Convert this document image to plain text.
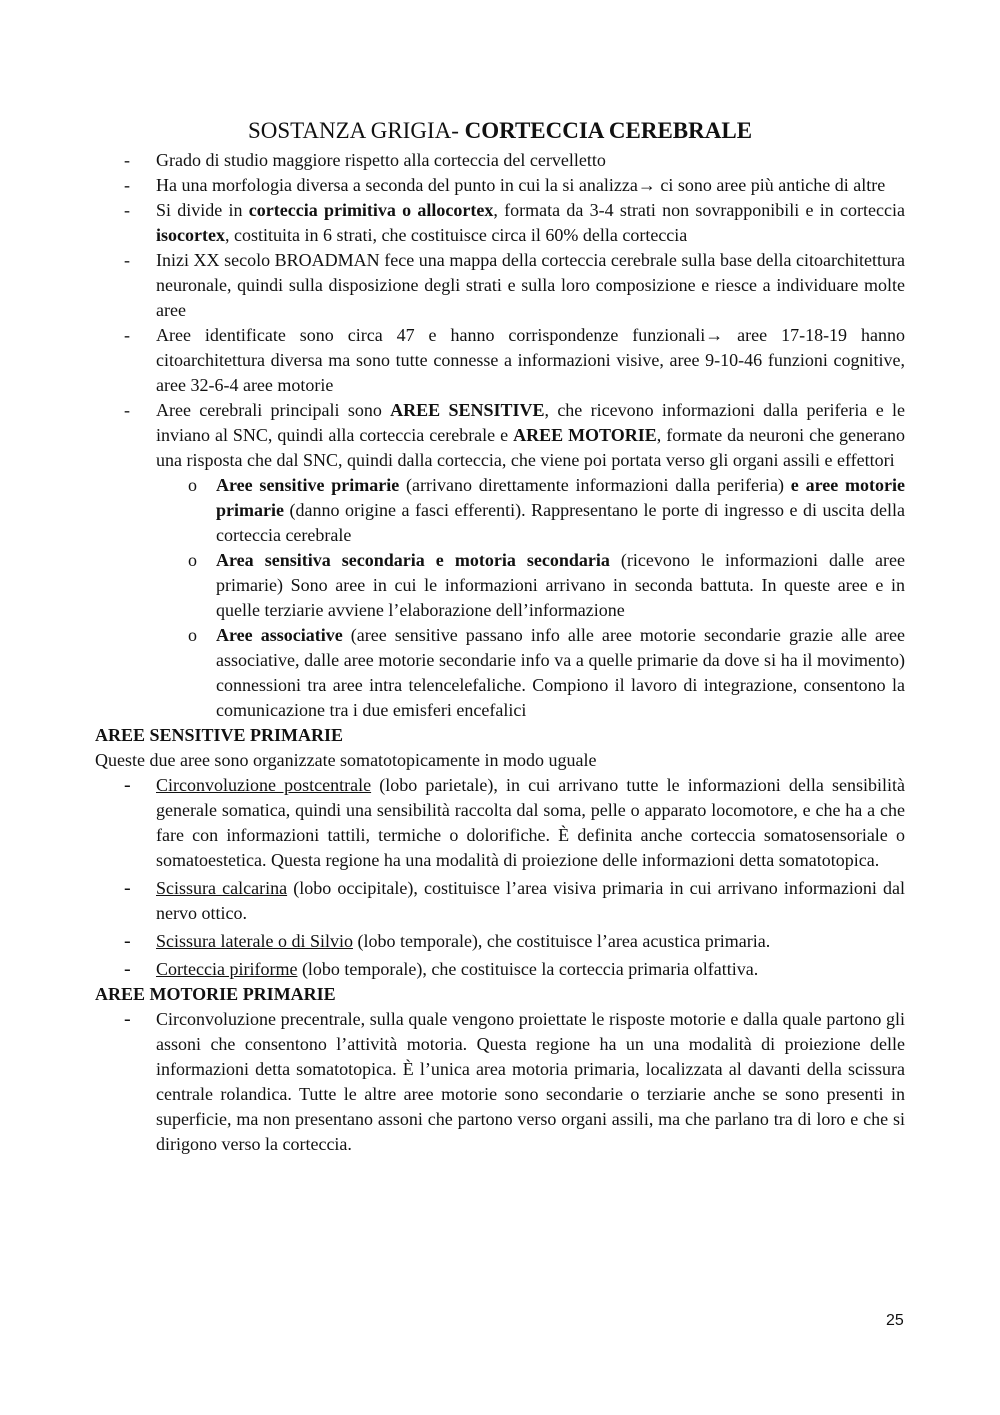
SOSTANZA GRIGIA- CORTECCIA CEREBRALE
- Grado di studio maggiore rispetto alla corteccia del cervelletto
- Ha una morfologia diversa a seconda del punto in cui la si analizza→ ci sono aree più antiche di altre
- Si divide in corteccia primitiva o allocortex, formata da 3-4 strati non sovrapponibili e in corteccia isocortex, costituita in 6 strati, che costituisce circa il 60% della corteccia
- Inizi XX secolo BROADMAN fece una mappa della corteccia cerebrale sulla base della citoarchitettura neuronale, quindi sulla disposizione degli strati e sulla loro composizione e riesce a individuare molte aree
- Aree identificate sono circa 47 e hanno corrispondenze funzionali→ aree 17-18-19 hanno citoarchitettura diversa ma sono tutte connesse a informazioni visive, aree 9-10-46 funzioni cognitive, aree 32-6-4 aree motorie
- Aree cerebrali principali sono AREE SENSITIVE, che ricevono informazioni dalla periferia e le inviano al SNC, quindi alla corteccia cerebrale e AREE MOTORIE, formate da neuroni che generano una risposta che dal SNC, quindi dalla corteccia, che viene poi portata verso gli organi assili e effettori
o Aree sensitive primarie (arrivano direttamente informazioni dalla periferia) e aree motorie primarie (danno origine a fasci efferenti). Rappresentano le porte di ingresso e di uscita della corteccia cerebrale
o Area sensitiva secondaria e motoria secondaria (ricevono le informazioni dalle aree primarie) Sono aree in cui le informazioni arrivano in seconda battuta. In queste aree e in quelle terziarie avviene l’elaborazione dell’informazione
o Aree associative (aree sensitive passano info alle aree motorie secondarie grazie alle aree associative, dalle aree motorie secondarie info va a quelle primarie da dove si ha il movimento) connessioni tra aree intra telencelefaliche. Compiono il lavoro di integrazione, consentono la comunicazione tra i due emisferi encefalici
AREE SENSITIVE PRIMARIE
Queste due aree sono organizzate somatotopicamente in modo uguale
- Circonvoluzione postcentrale (lobo parietale), in cui arrivano tutte le informazioni della sensibilità generale somatica, quindi una sensibilità raccolta dal soma, pelle o apparato locomotore, e che ha a che fare con informazioni tattili, termiche o dolorifiche. È definita anche corteccia somatosensoriale o somatoestetica. Questa regione ha una modalità di proiezione delle informazioni detta somatotopica.
- Scissura calcarina (lobo occipitale), costituisce l’area visiva primaria in cui arrivano informazioni dal nervo ottico.
- Scissura laterale o di Silvio (lobo temporale), che costituisce l’area acustica primaria.
- Corteccia piriforme (lobo temporale), che costituisce la corteccia primaria olfattiva.
AREE MOTORIE PRIMARIE
- Circonvoluzione precentrale, sulla quale vengono proiettate le risposte motorie e dalla quale partono gli assoni che consentono l’attività motoria. Questa regione ha un una modalità di proiezione delle informazioni detta somatotopica. È l’unica area motoria primaria, localizzata al davanti della scissura centrale rolandica. Tutte le altre aree motorie sono secondarie o terziarie anche se sono presenti in superficie, ma non presentano assoni che partono verso organi assili, ma che parlano tra di loro e che si dirigono verso la corteccia.
25
